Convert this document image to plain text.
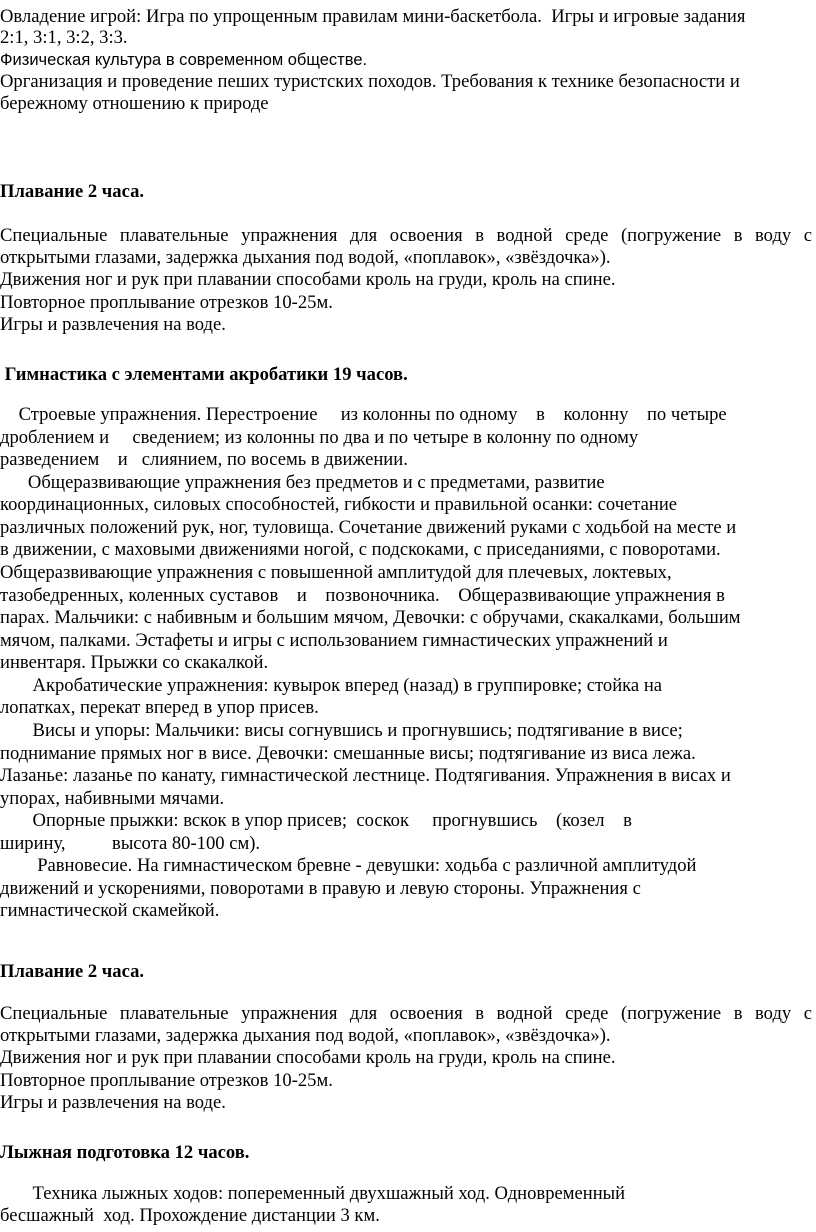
Овладение игрой: Игра по упрощенным правилам мини-баскетбола.  Игры и игровые задания

2:1, 3:1, 3:2, 3:3.

Физическая культура в современном обществе.

Организация и проведение пеших туристских походов. Требования к технике безопасности и

бережному отношению к природе

Плавание 2 часа.

Специальные плавательные упражнения для освоения в водной среде (погружение в воду с

открытыми глазами, задержка дыхания под водой, «поплавок», «звёздочка»).

Движения ног и рук при плавании способами кроль на груди, кроль на спине.

Повторное проплывание отрезков 10-25м.

Игры и развлечения на воде.

Гимнастика с элементами акробатики 19 часов.

Строевые упражнения. Перестроение     из колонны по одному    в    колонну    по четыре

дроблением и     сведением; из колонны по два и по четыре в колонну по одному

разведением    и   слиянием, по восемь в движении.

Общеразвивающие упражнения без предметов и с предметами, развитие

координационных, силовых способностей, гибкости и правильной осанки: сочетание

различных положений рук, ног, туловища. Сочетание движений руками с ходьбой на месте и

в движении, с маховыми движениями ногой, с подскоками, с приседаниями, с поворотами.

Общеразвивающие упражнения с повышенной амплитудой для плечевых, локтевых,

тазобедренных, коленных суставов    и    позвоночника.    Общеразвивающие упражнения в

парах. Мальчики: с набивным и большим мячом, Девочки: с обручами, скакалками, большим

мячом, палками. Эстафеты и игры с использованием гимнастических упражнений и

инвентаря. Прыжки со скакалкой.

Акробатические упражнения: кувырок вперед (назад) в группировке; стойка на

лопатках, перекат вперед в упор присев.

Висы и упоры: Мальчики: висы согнувшись и прогнувшись; подтягивание в висе;

поднимание прямых ног в висе. Девочки: смешанные висы; подтягивание из виса лежа.

Лазанье: лазанье по канату, гимнастической лестнице. Подтягивания. Упражнения в висах и

упорах, набивными мячами.

Опорные прыжки: вскок в упор присев;  соскок     прогнувшись    (козел    в

ширину,          высота 80-100 см).

Равновесие. На гимнастическом бревне - девушки: ходьба с различной амплитудой

движений и ускорениями, поворотами в правую и левую стороны. Упражнения с

гимнастической скамейкой.

Плавание 2 часа.

Специальные плавательные упражнения для освоения в водной среде (погружение в воду с

открытыми глазами, задержка дыхания под водой, «поплавок», «звёздочка»).

Движения ног и рук при плавании способами кроль на груди, кроль на спине.

Повторное проплывание отрезков 10-25м.

Игры и развлечения на воде.

Лыжная подготовка 12 часов.

Техника лыжных ходов: попеременный двухшажный ход. Одновременный

бесшажный  ход. Прохождение дистанции 3 км.
